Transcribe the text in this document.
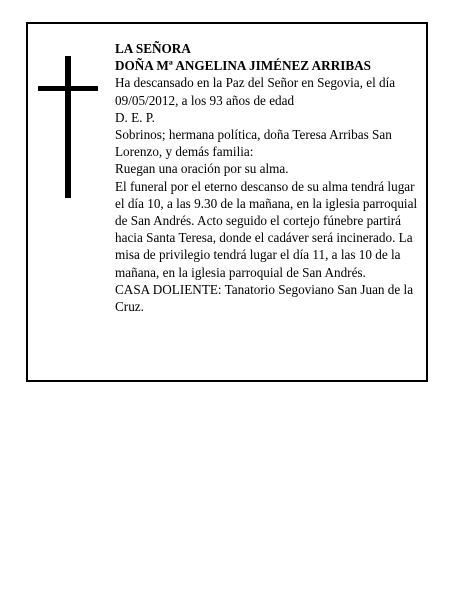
LA SEÑORA

DOÑA Mª ANGELINA JIMÉNEZ ARRIBAS

Ha descansado en la Paz del Señor en Segovia, el día 09/05/2012, a los 93 años de edad

D. E. P.

Sobrinos; hermana política, doña Teresa Arribas San Lorenzo, y demás familia:

Ruegan una oración por su alma.

El funeral por el eterno descanso de su alma tendrá lugar el día 10, a las 9.30 de la mañana, en la iglesia parroquial de San Andrés. Acto seguido el cortejo fúnebre partirá hacia Santa Teresa, donde el cadáver será incinerado. La misa de privilegio tendrá lugar el día 11, a las 10 de la mañana, en la iglesia parroquial de San Andrés.

CASA DOLIENTE: Tanatorio Segoviano San Juan de la Cruz.
